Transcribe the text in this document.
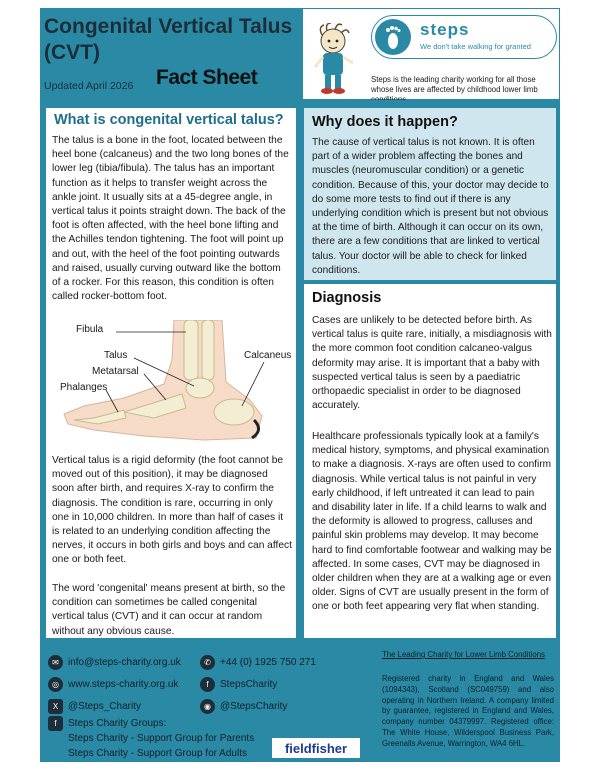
Congenital Vertical Talus (CVT)
Updated April 2026 Fact Sheet
steps
We don't take walking for granted
Steps is the leading charity working for all those whose lives are affected by childhood lower limb
What is congenital vertical talus?
The talus is a bone in the foot, located between the heel bone (calcaneus) and the two long bones of the lower leg (tibia/fibula). The talus has an important function as it helps to transfer weight across the ankle joint. It usually sits at a 45-degree angle, in vertical talus it points straight down. The back of the foot is often affected, with the heel bone lifting and the Achilles tendon tightening. The foot will point up and out, with the heel of the foot pointing outwards and raised, usually curving outward like the bottom of a rocker. For this reason, this condition is often called rocker-bottom foot.
Fibula
Talus	Calcaneus
Metatarsal
Phalanges
Vertical talus is a rigid deformity (the foot cannot be moved out of this position), it may be diagnosed soon after birth, and requires X-ray to confirm the diagnosis. The condition is rare, occurring in only one in 10,000 children. In more than half of cases it is related to an underlying condition affecting the nerves, it occurs in both girls and boys and can affect one or both feet.
The word 'congenital' means present at birth, so the condition can sometimes be called congenital vertical talus (CVT) and it can occur at random without any obvious cause.
Why does it happen?
The cause of vertical talus is not known. It is often part of a wider problem affecting the bones and muscles (neuromuscular condition) or a genetic condition. Because of this, your doctor may decide to do some more tests to find out if there is any underlying condition which is present but not obvious at the time of birth. Although it can occur on its own, there are a few conditions that are linked to vertical talus. Your doctor will be able to check for linked conditions.
Diagnosis
Cases are unlikely to be detected before birth. As vertical talus is quite rare, initially, a misdiagnosis with the more common foot condition calcaneo-valgus deformity may arise. It is important that a baby with suspected vertical talus is seen by a paediatric orthopaedic specialist in order to be diagnosed accurately.
Healthcare professionals typically look at a family's medical history, symptoms, and physical examination to make a diagnosis. X-rays are often used to confirm diagnosis. While vertical talus is not painful in very early childhood, if left untreated it can lead to pain and disability later in life. If a child learns to walk and the deformity is allowed to progress, calluses and painful skin problems may develop. It may become hard to find comfortable footwear and walking may be affected. In some cases, CVT may be diagnosed in older children when they are at a walking age or even older. Signs of CVT are usually present in the form of one or both feet appearing very flat when standing.
✉ info@steps-charity.org.uk	✆ +44 (0) 1925 750 271
◎ www.steps-charity.org.uk	f	StepsCharity
X @Steps_Charity	◉ @StepsCharity
f	Steps Charity Groups:
Steps Charity - Support Group for Parents
Steps Charity - Support Group for Adults	fieldfisher
The Leading Charity for Lower Limb Conditions
Registered charity in England and Wales (1094343), Scotland (SC049759) and also operating in Northern Ireland. A company limited by guarantee, registered in England and Wales, company number 04379997. Registered office: The White House, Wilderspool Business Park, Greenalls Avenue, Warrington, WA4 6HL.
